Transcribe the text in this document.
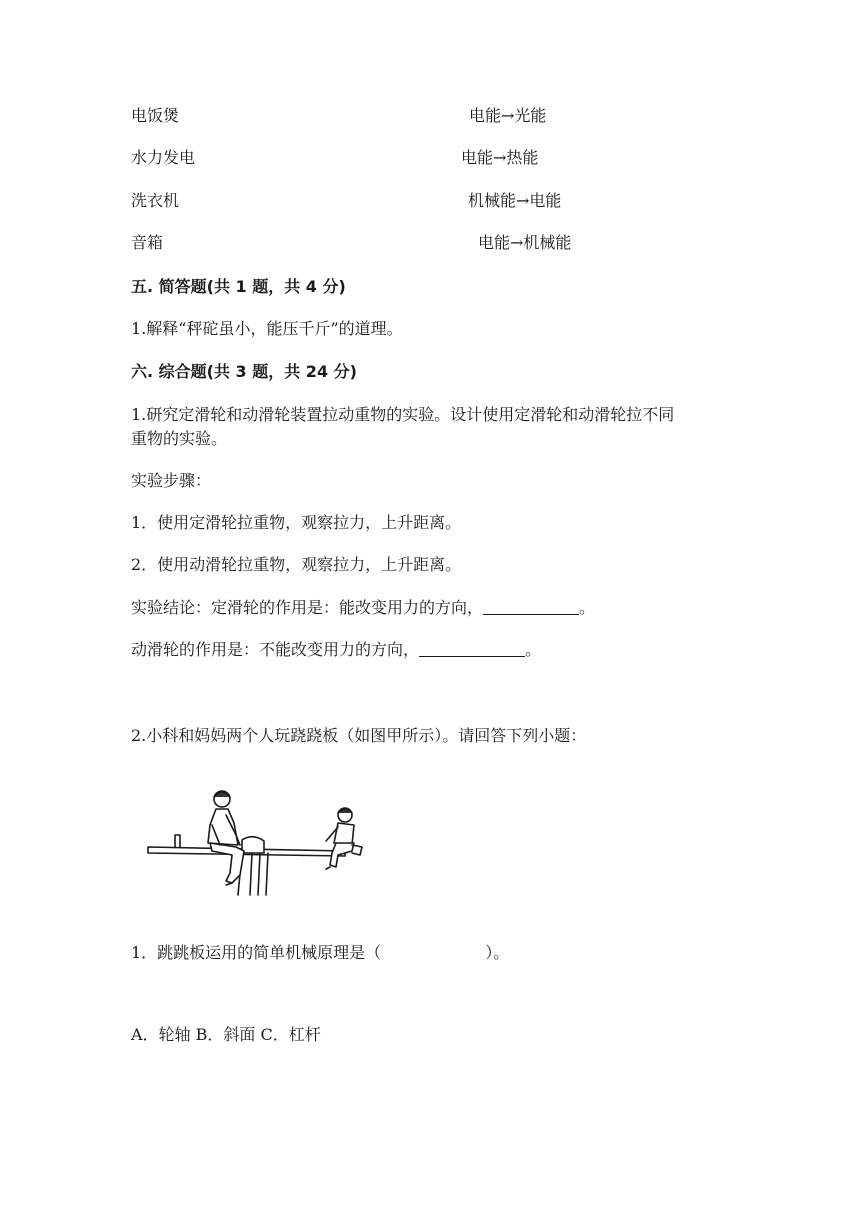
电饭煲	电能→光能
水力发电	电能→热能
洗衣机	机械能→电能
音箱	电能→机械能
五. 简答题(共 1 题，共 4 分)
1.解释“秤砣虽小，能压千斤”的道理。
六. 综合题(共 3 题，共 24 分)
1.研究定滑轮和动滑轮装置拉动重物的实验。设计使用定滑轮和动滑轮拉不同
重物的实验。
实验步骤：
1．使用定滑轮拉重物，观察拉力，上升距离。
2．使用动滑轮拉重物，观察拉力，上升距离。
实验结论：定滑轮的作用是：能改变用力的方向，	。
动滑轮的作用是：不能改变用力的方向，	。
2.小科和妈妈两个人玩跷跷板（如图甲所示）。请回答下列小题：
1．跳跳板运用的简单机械原理是（	）。
A．轮轴 B．斜面 C．杠杆
